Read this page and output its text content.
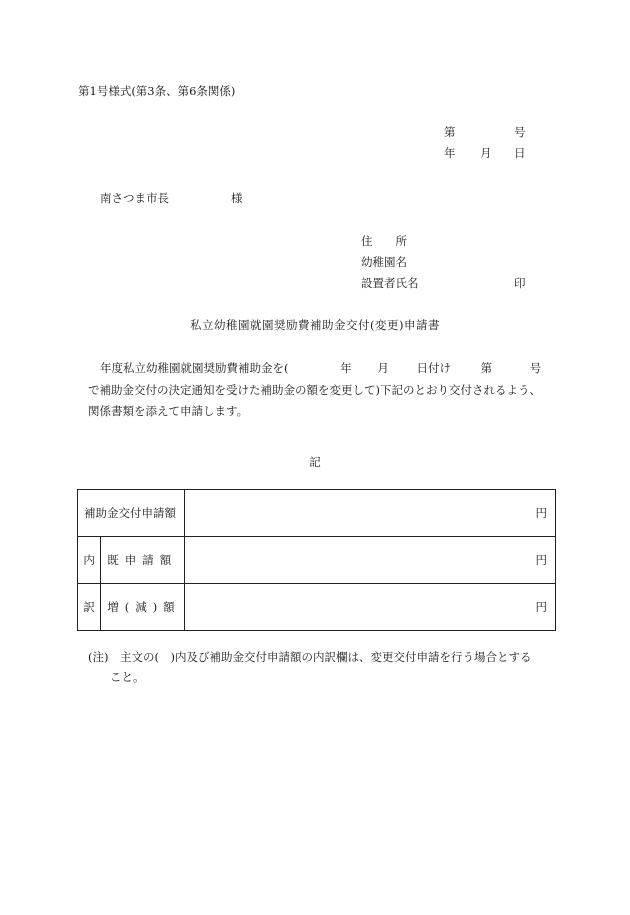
第1号様式(第3条、第6条関係)
第	号
年 月 日
南さつま市長	様
住　　所
幼稚園名
設置者氏名	印
私立幼稚園就園奨励費補助金交付(変更)申請書
年度私立幼稚園就園奨励費補助金を(	年 月 日付け	第	号
で補助金交付の決定通知を受けた補助金の額を変更して)下記のとおり交付されるよう、
関係書類を添えて申請します。
記
補助金交付申請額		円
内	既申請額	円
訳	増(減)額	円
(注)　主文の(　)内及び補助金交付申請額の内訳欄は、変更交付申請を行う場合とする
こと。
